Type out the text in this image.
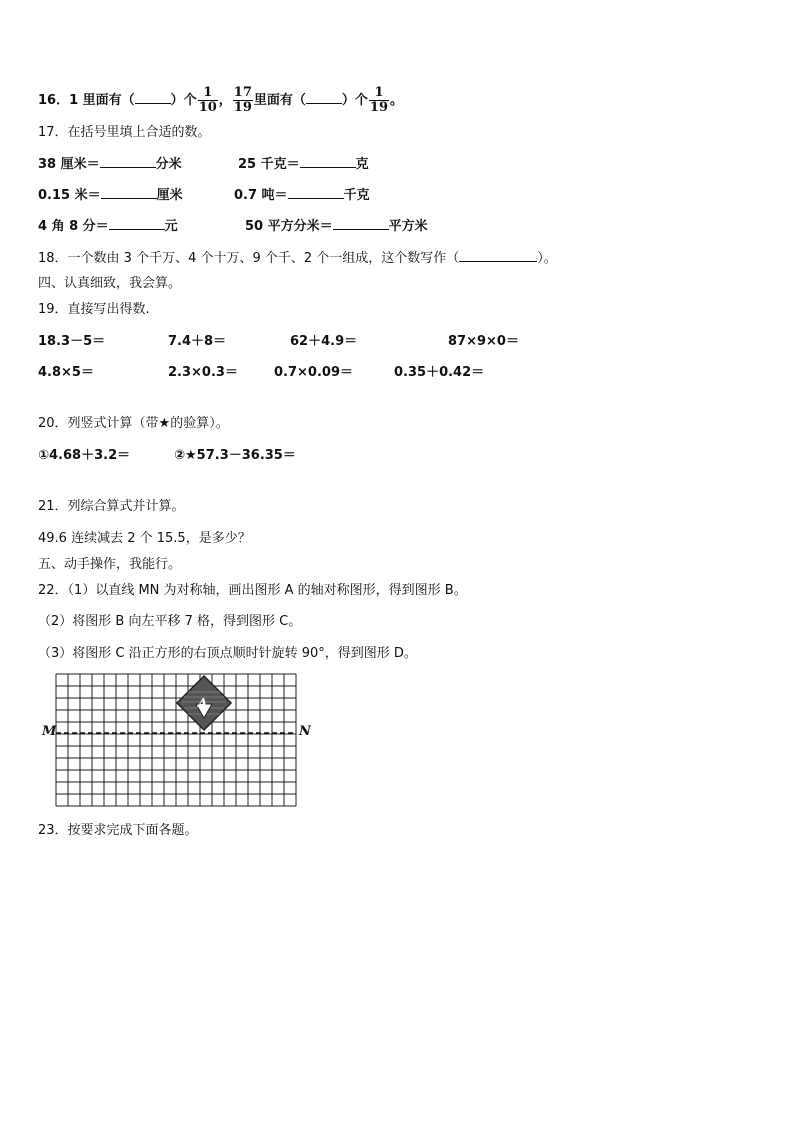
16．1 里面有（	）个 $\frac{1}{10}$ ， $\frac{17}{19}$ 里面有（	）个 $\frac{1}{19}$ 。
17．在括号里填上合适的数。
38 厘米＝	分米	25 千克＝	克
0.15 米＝	厘米	0.7 吨＝	千克
4 角 8 分＝	元	50 平方分米＝	平方米
18．一个数由 3 个千万、4 个十万、9 个千、2 个一组成，这个数写作（	）。
四、认真细致，我会算。
19．直接写出得数.
18.3－5＝	7.4＋8＝	62＋4.9＝	87×9×0＝
4.8×5＝	2.3×0.3＝	0.7×0.09＝	0.35＋0.42＝
20．列竖式计算（带★的验算）。
①4.68＋3.2＝	②★57.3－36.35＝
21．列综合算式并计算。
49.6 连续减去 2 个 15.5，是多少？
五、动手操作，我能行。
22．（1）以直线 MN 为对称轴，画出图形 A 的轴对称图形，得到图形 B。
（2）将图形 B 向左平移 7 格，得到图形 C。
（3）将图形 C 沿正方形的右顶点顺时针旋转 90°，得到图形 D。
M	N
A
23．按要求完成下面各题。
